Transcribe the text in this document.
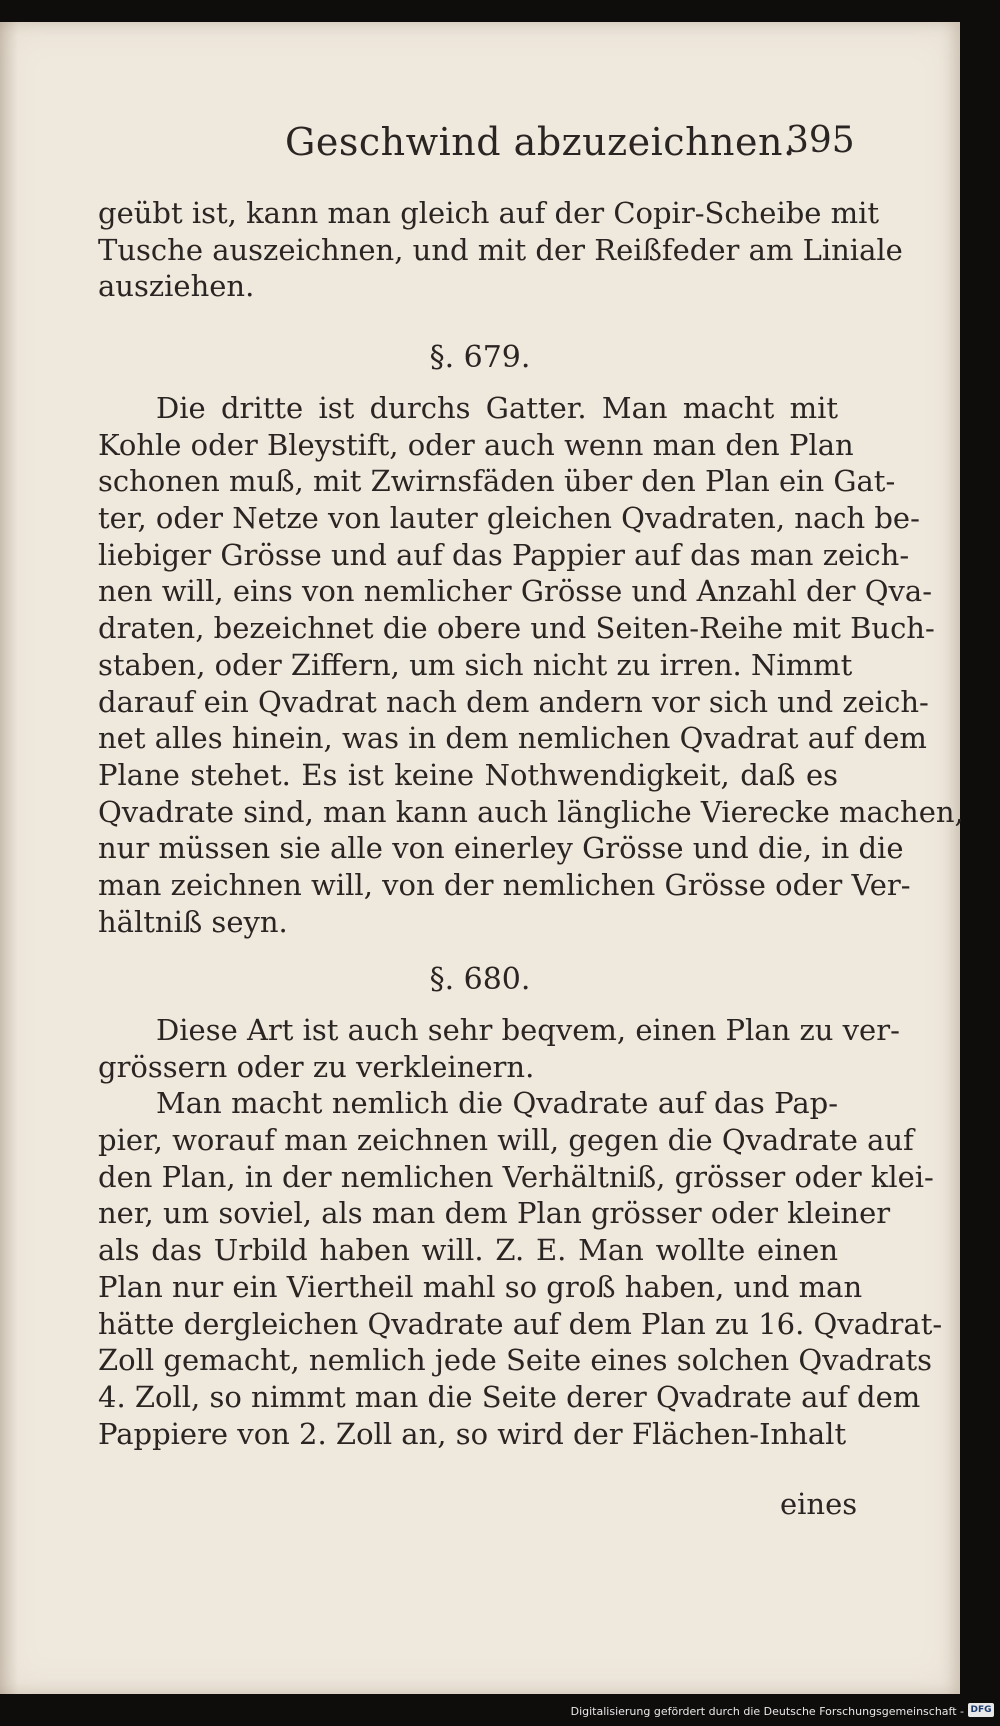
Geschwind abzuzeichnen.
395
geübt ist, kann man gleich auf der Copir-Scheibe mit
Tusche auszeichnen, und mit der Reißfeder am Liniale
ausziehen.
§. 679.
Die dritte ist durchs Gatter. Man macht mit
Kohle oder Bleystift, oder auch wenn man den Plan
schonen muß, mit Zwirnsfäden über den Plan ein Gat-
ter, oder Netze von lauter gleichen Qvadraten, nach be-
liebiger Grösse und auf das Pappier auf das man zeich-
nen will, eins von nemlicher Grösse und Anzahl der Qva-
draten, bezeichnet die obere und Seiten-Reihe mit Buch-
staben, oder Ziffern, um sich nicht zu irren. Nimmt
darauf ein Qvadrat nach dem andern vor sich und zeich-
net alles hinein, was in dem nemlichen Qvadrat auf dem
Plane stehet. Es ist keine Nothwendigkeit, daß es
Qvadrate sind, man kann auch längliche Vierecke machen,
nur müssen sie alle von einerley Grösse und die, in die
man zeichnen will, von der nemlichen Grösse oder Ver-
hältniß seyn.
§. 680.
Diese Art ist auch sehr beqvem, einen Plan zu ver-
grössern oder zu verkleinern.
Man macht nemlich die Qvadrate auf das Pap-
pier, worauf man zeichnen will, gegen die Qvadrate auf
den Plan, in der nemlichen Verhältniß, grösser oder klei-
ner, um soviel, als man dem Plan grösser oder kleiner
als das Urbild haben will. Z. E. Man wollte einen
Plan nur ein Viertheil mahl so groß haben, und man
hätte dergleichen Qvadrate auf dem Plan zu 16. Qvadrat-
Zoll gemacht, nemlich jede Seite eines solchen Qvadrats
4. Zoll, so nimmt man die Seite derer Qvadrate auf dem
Pappiere von 2. Zoll an, so wird der Flächen-Inhalt
eines
Digitalisierung gefördert durch die Deutsche Forschungsgemeinschaft - DFG
